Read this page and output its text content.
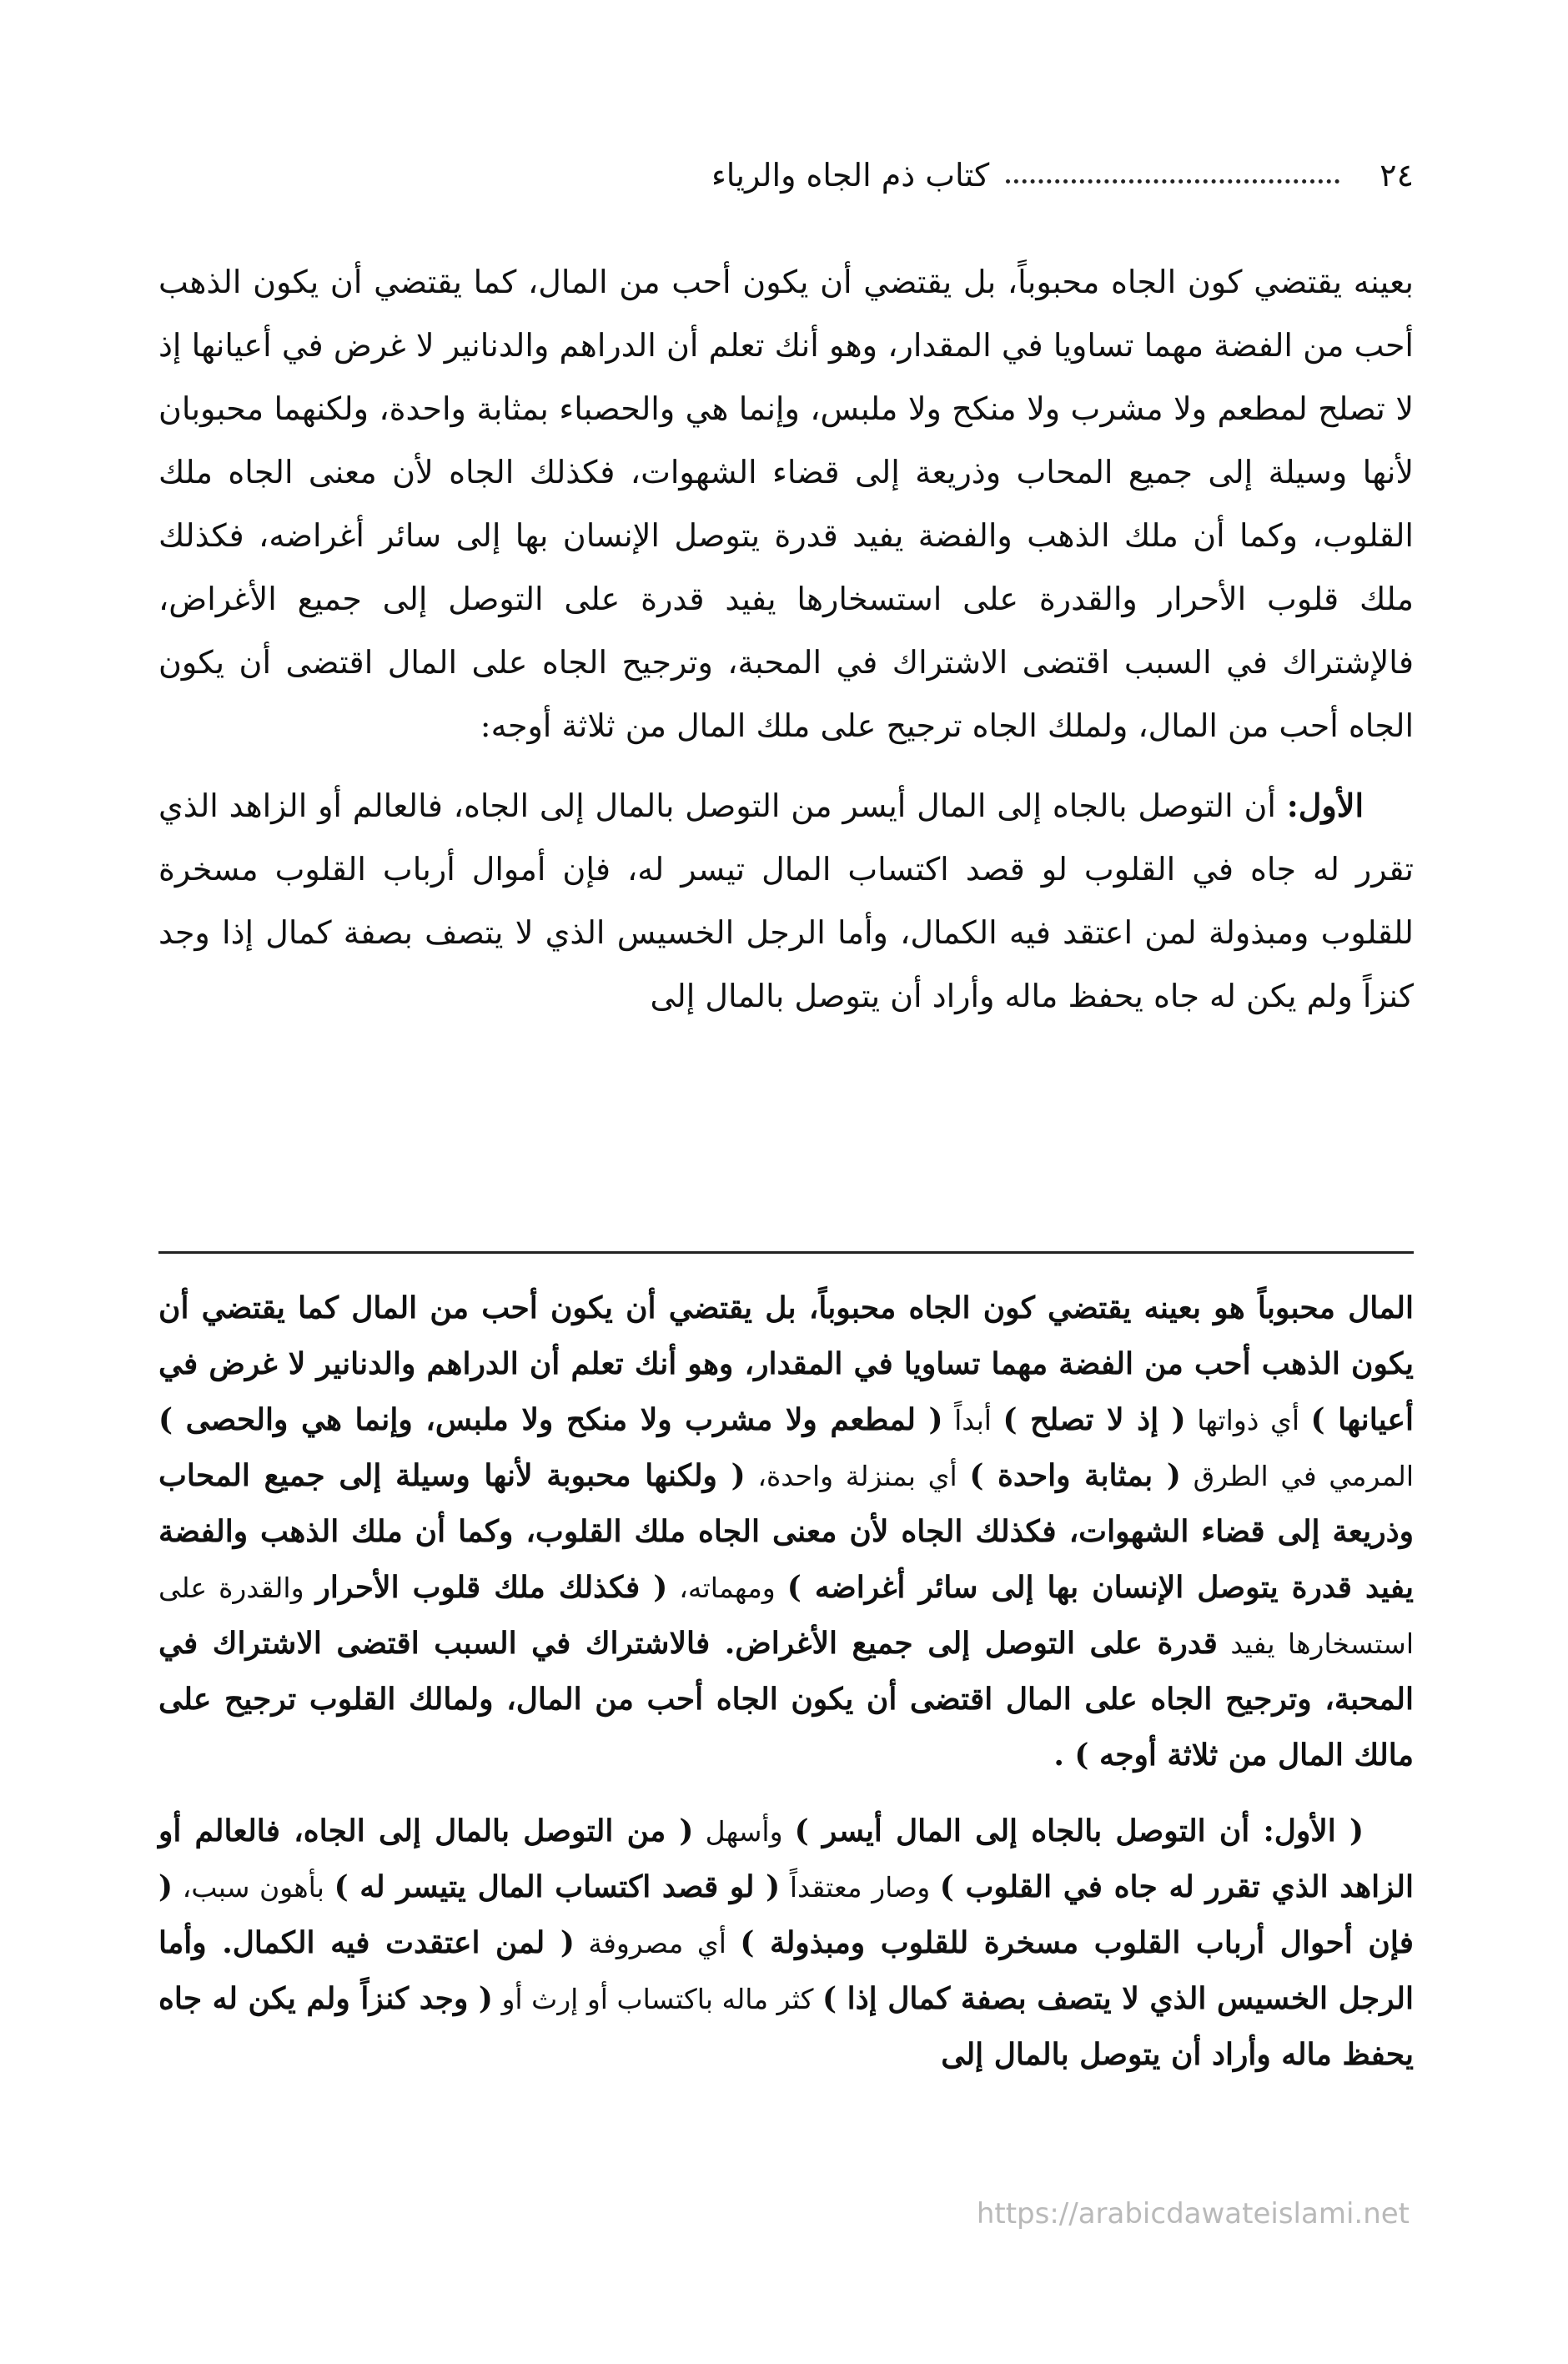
٢٤
كتاب ذم الجاه والرياء

بعينه يقتضي كون الجاه محبوباً، بل يقتضي أن يكون أحب من المال، كما يقتضي أن يكون الذهب أحب من الفضة مهما تساويا في المقدار، وهو أنك تعلم أن الدراهم والدنانير لا غرض في أعيانها إذ لا تصلح لمطعم ولا مشرب ولا منكح ولا ملبس، وإنما هي والحصباء بمثابة واحدة، ولكنهما محبوبان لأنها وسيلة إلى جميع المحاب وذريعة إلى قضاء الشهوات، فكذلك الجاه لأن معنى الجاه ملك القلوب، وكما أن ملك الذهب والفضة يفيد قدرة يتوصل الإنسان بها إلى سائر أغراضه، فكذلك ملك قلوب الأحرار والقدرة على استسخارها يفيد قدرة على التوصل إلى جميع الأغراض، فالإشتراك في السبب اقتضى الاشتراك في المحبة، وترجيح الجاه على المال اقتضى أن يكون الجاه أحب من المال، ولملك الجاه ترجيح على ملك المال من ثلاثة أوجه:

الأول: أن التوصل بالجاه إلى المال أيسر من التوصل بالمال إلى الجاه، فالعالم أو الزاهد الذي تقرر له جاه في القلوب لو قصد اكتساب المال تيسر له، فإن أموال أرباب القلوب مسخرة للقلوب ومبذولة لمن اعتقد فيه الكمال، وأما الرجل الخسيس الذي لا يتصف بصفة كمال إذا وجد كنزاً ولم يكن له جاه يحفظ ماله وأراد أن يتوصل بالمال إلى

المال محبوباً هو بعينه يقتضي كون الجاه محبوباً، بل يقتضي أن يكون أحب من المال كما يقتضي أن يكون الذهب أحب من الفضة مهما تساويا في المقدار، وهو أنك تعلم أن الدراهم والدنانير لا غرض في أعيانها ) أي ذواتها ( إذ لا تصلح ) أبداً ( لمطعم ولا مشرب ولا منكح ولا ملبس، وإنما هي والحصى ) المرمي في الطرق ( بمثابة واحدة ) أي بمنزلة واحدة، ( ولكنها محبوبة لأنها وسيلة إلى جميع المحاب وذريعة إلى قضاء الشهوات، فكذلك الجاه لأن معنى الجاه ملك القلوب، وكما أن ملك الذهب والفضة يفيد قدرة يتوصل الإنسان بها إلى سائر أغراضه ) ومهماته، ( فكذلك ملك قلوب الأحرار والقدرة على استسخارها يفيد قدرة على التوصل إلى جميع الأغراض. فالاشتراك في السبب اقتضى الاشتراك في المحبة، وترجيح الجاه على المال اقتضى أن يكون الجاه أحب من المال، ولمالك القلوب ترجيح على مالك المال من ثلاثة أوجه ) .

( الأول: أن التوصل بالجاه إلى المال أيسر ) وأسهل ( من التوصل بالمال إلى الجاه، فالعالم أو الزاهد الذي تقرر له جاه في القلوب ) وصار معتقداً ( لو قصد اكتساب المال يتيسر له ) بأهون سبب، ( فإن أحوال أرباب القلوب مسخرة للقلوب ومبذولة ) أي مصروفة ( لمن اعتقدت فيه الكمال. وأما الرجل الخسيس الذي لا يتصف بصفة كمال إذا ) كثر ماله باكتساب أو إرث أو ( وجد كنزاً ولم يكن له جاه يحفظ ماله وأراد أن يتوصل بالمال إلى

https://arabicdawateislami.net
